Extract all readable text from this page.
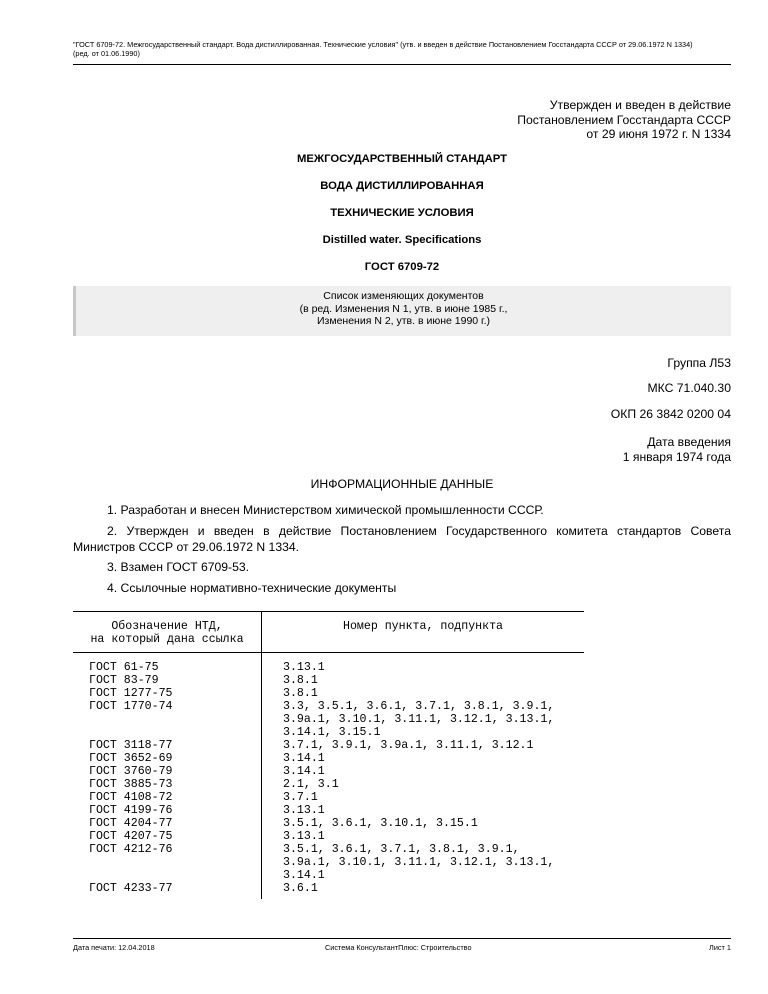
"ГОСТ 6709-72. Межгосударственный стандарт. Вода дистиллированная. Технические условия" (утв. и введен в действие Постановлением Госстандарта СССР от 29.06.1972 N 1334) (ред. от 01.06.1990)
Утвержден и введен в действие
Постановлением Госстандарта СССР
от 29 июня 1972 г. N 1334
МЕЖГОСУДАРСТВЕННЫЙ СТАНДАРТ
ВОДА ДИСТИЛЛИРОВАННАЯ
ТЕХНИЧЕСКИЕ УСЛОВИЯ
Distilled water. Specifications
ГОСТ 6709-72
Список изменяющих документов
(в ред. Изменения N 1, утв. в июне 1985 г.,
Изменения N 2, утв. в июне 1990 г.)
Группа Л53
МКС 71.040.30
ОКП 26 3842 0200 04
Дата введения
1 января 1974 года
ИНФОРМАЦИОННЫЕ ДАННЫЕ
1. Разработан и внесен Министерством химической промышленности СССР.
2. Утвержден и введен в действие Постановлением Государственного комитета стандартов Совета Министров СССР от 29.06.1972 N 1334.
3. Взамен ГОСТ 6709-53.
4. Ссылочные нормативно-технические документы
Обозначение НТД,
на который дана ссылка
Номер пункта, подпункта
ГОСТ 61-75	3.13.1
ГОСТ 83-79	3.8.1
ГОСТ 1277-75	3.8.1
ГОСТ 1770-74	3.3, 3.5.1, 3.6.1, 3.7.1, 3.8.1, 3.9.1,
3.9a.1, 3.10.1, 3.11.1, 3.12.1, 3.13.1,
3.14.1, 3.15.1
ГОСТ 3118-77	3.7.1, 3.9.1, 3.9a.1, 3.11.1, 3.12.1
ГОСТ 3652-69	3.14.1
ГОСТ 3760-79	3.14.1
ГОСТ 3885-73	2.1, 3.1
ГОСТ 4108-72	3.7.1
ГОСТ 4199-76	3.13.1
ГОСТ 4204-77	3.5.1, 3.6.1, 3.10.1, 3.15.1
ГОСТ 4207-75	3.13.1
ГОСТ 4212-76	3.5.1, 3.6.1, 3.7.1, 3.8.1, 3.9.1,
3.9a.1, 3.10.1, 3.11.1, 3.12.1, 3.13.1,
3.14.1
ГОСТ 4233-77	3.6.1
Дата печати: 12.04.2018	Система КонсультантПлюс: Строительство	Лист 1
